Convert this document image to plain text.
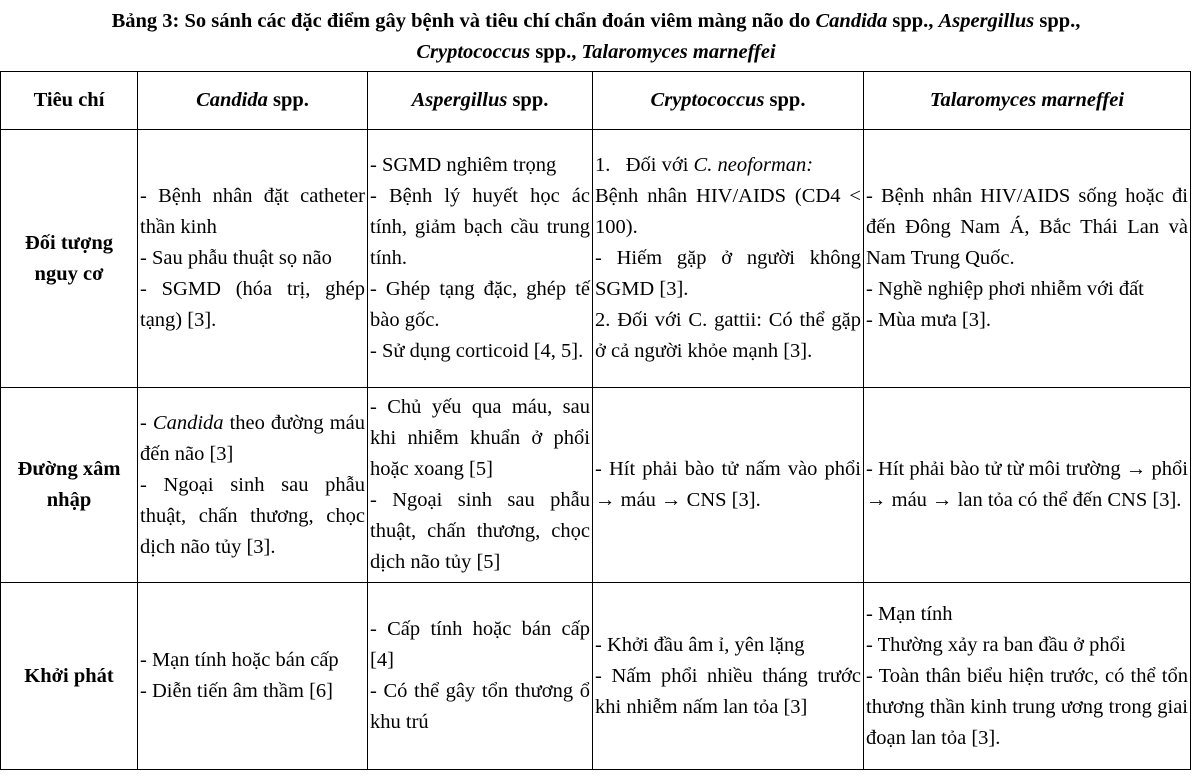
Bảng 3: So sánh các đặc điểm gây bệnh và tiêu chí chẩn đoán viêm màng não do Candida spp., Aspergillus spp.,
Cryptococcus spp., Talaromyces marneffei
Tiêu chí	Candida spp.	Aspergillus spp.	Cryptococcus spp.	Talaromyces marneffei
Đối tượng nguy cơ	- Bệnh nhân đặt catheter thần kinh
- Sau phẫu thuật sọ não
- SGMD (hóa trị, ghép tạng) [3].	- SGMD nghiêm trọng
- Bệnh lý huyết học ác tính, giảm bạch cầu trung tính.
- Ghép tạng đặc, ghép tế bào gốc.
- Sử dụng corticoid [4, 5].	1.   Đối với C. neoforman:
Bệnh nhân HIV/AIDS (CD4 < 100).
- Hiếm gặp ở người không SGMD [3].
2. Đối với C. gattii: Có thể gặp ở cả người khỏe mạnh [3].	- Bệnh nhân HIV/AIDS sống hoặc đi đến Đông Nam Á, Bắc Thái Lan và Nam Trung Quốc.
- Nghề nghiệp phơi nhiễm với đất
- Mùa mưa [3].

Đường xâm nhập	- Candida theo đường máu đến não [3]
- Ngoại sinh sau phẫu thuật, chấn thương, chọc dịch não tủy [3].	- Chủ yếu qua máu, sau khi nhiễm khuẩn ở phổi hoặc xoang [5]
- Ngoại sinh sau phẫu thuật, chấn thương, chọc dịch não tủy [5]	- Hít phải bào tử nấm vào phổi → máu → CNS [3].	- Hít phải bào tử từ môi trường → phổi → máu → lan tỏa có thể đến CNS [3].

Khởi phát	- Mạn tính hoặc bán cấp
- Diễn tiến âm thầm [6]	- Cấp tính hoặc bán cấp [4]
- Có thể gây tổn thương ổ khu trú	- Khởi đầu âm ỉ, yên lặng
- Nấm phổi nhiều tháng trước khi nhiễm nấm lan tỏa [3]	- Mạn tính
- Thường xảy ra ban đầu ở phổi
- Toàn thân biểu hiện trước, có thể tổn thương thần kinh trung ương trong giai đoạn lan tỏa [3].
